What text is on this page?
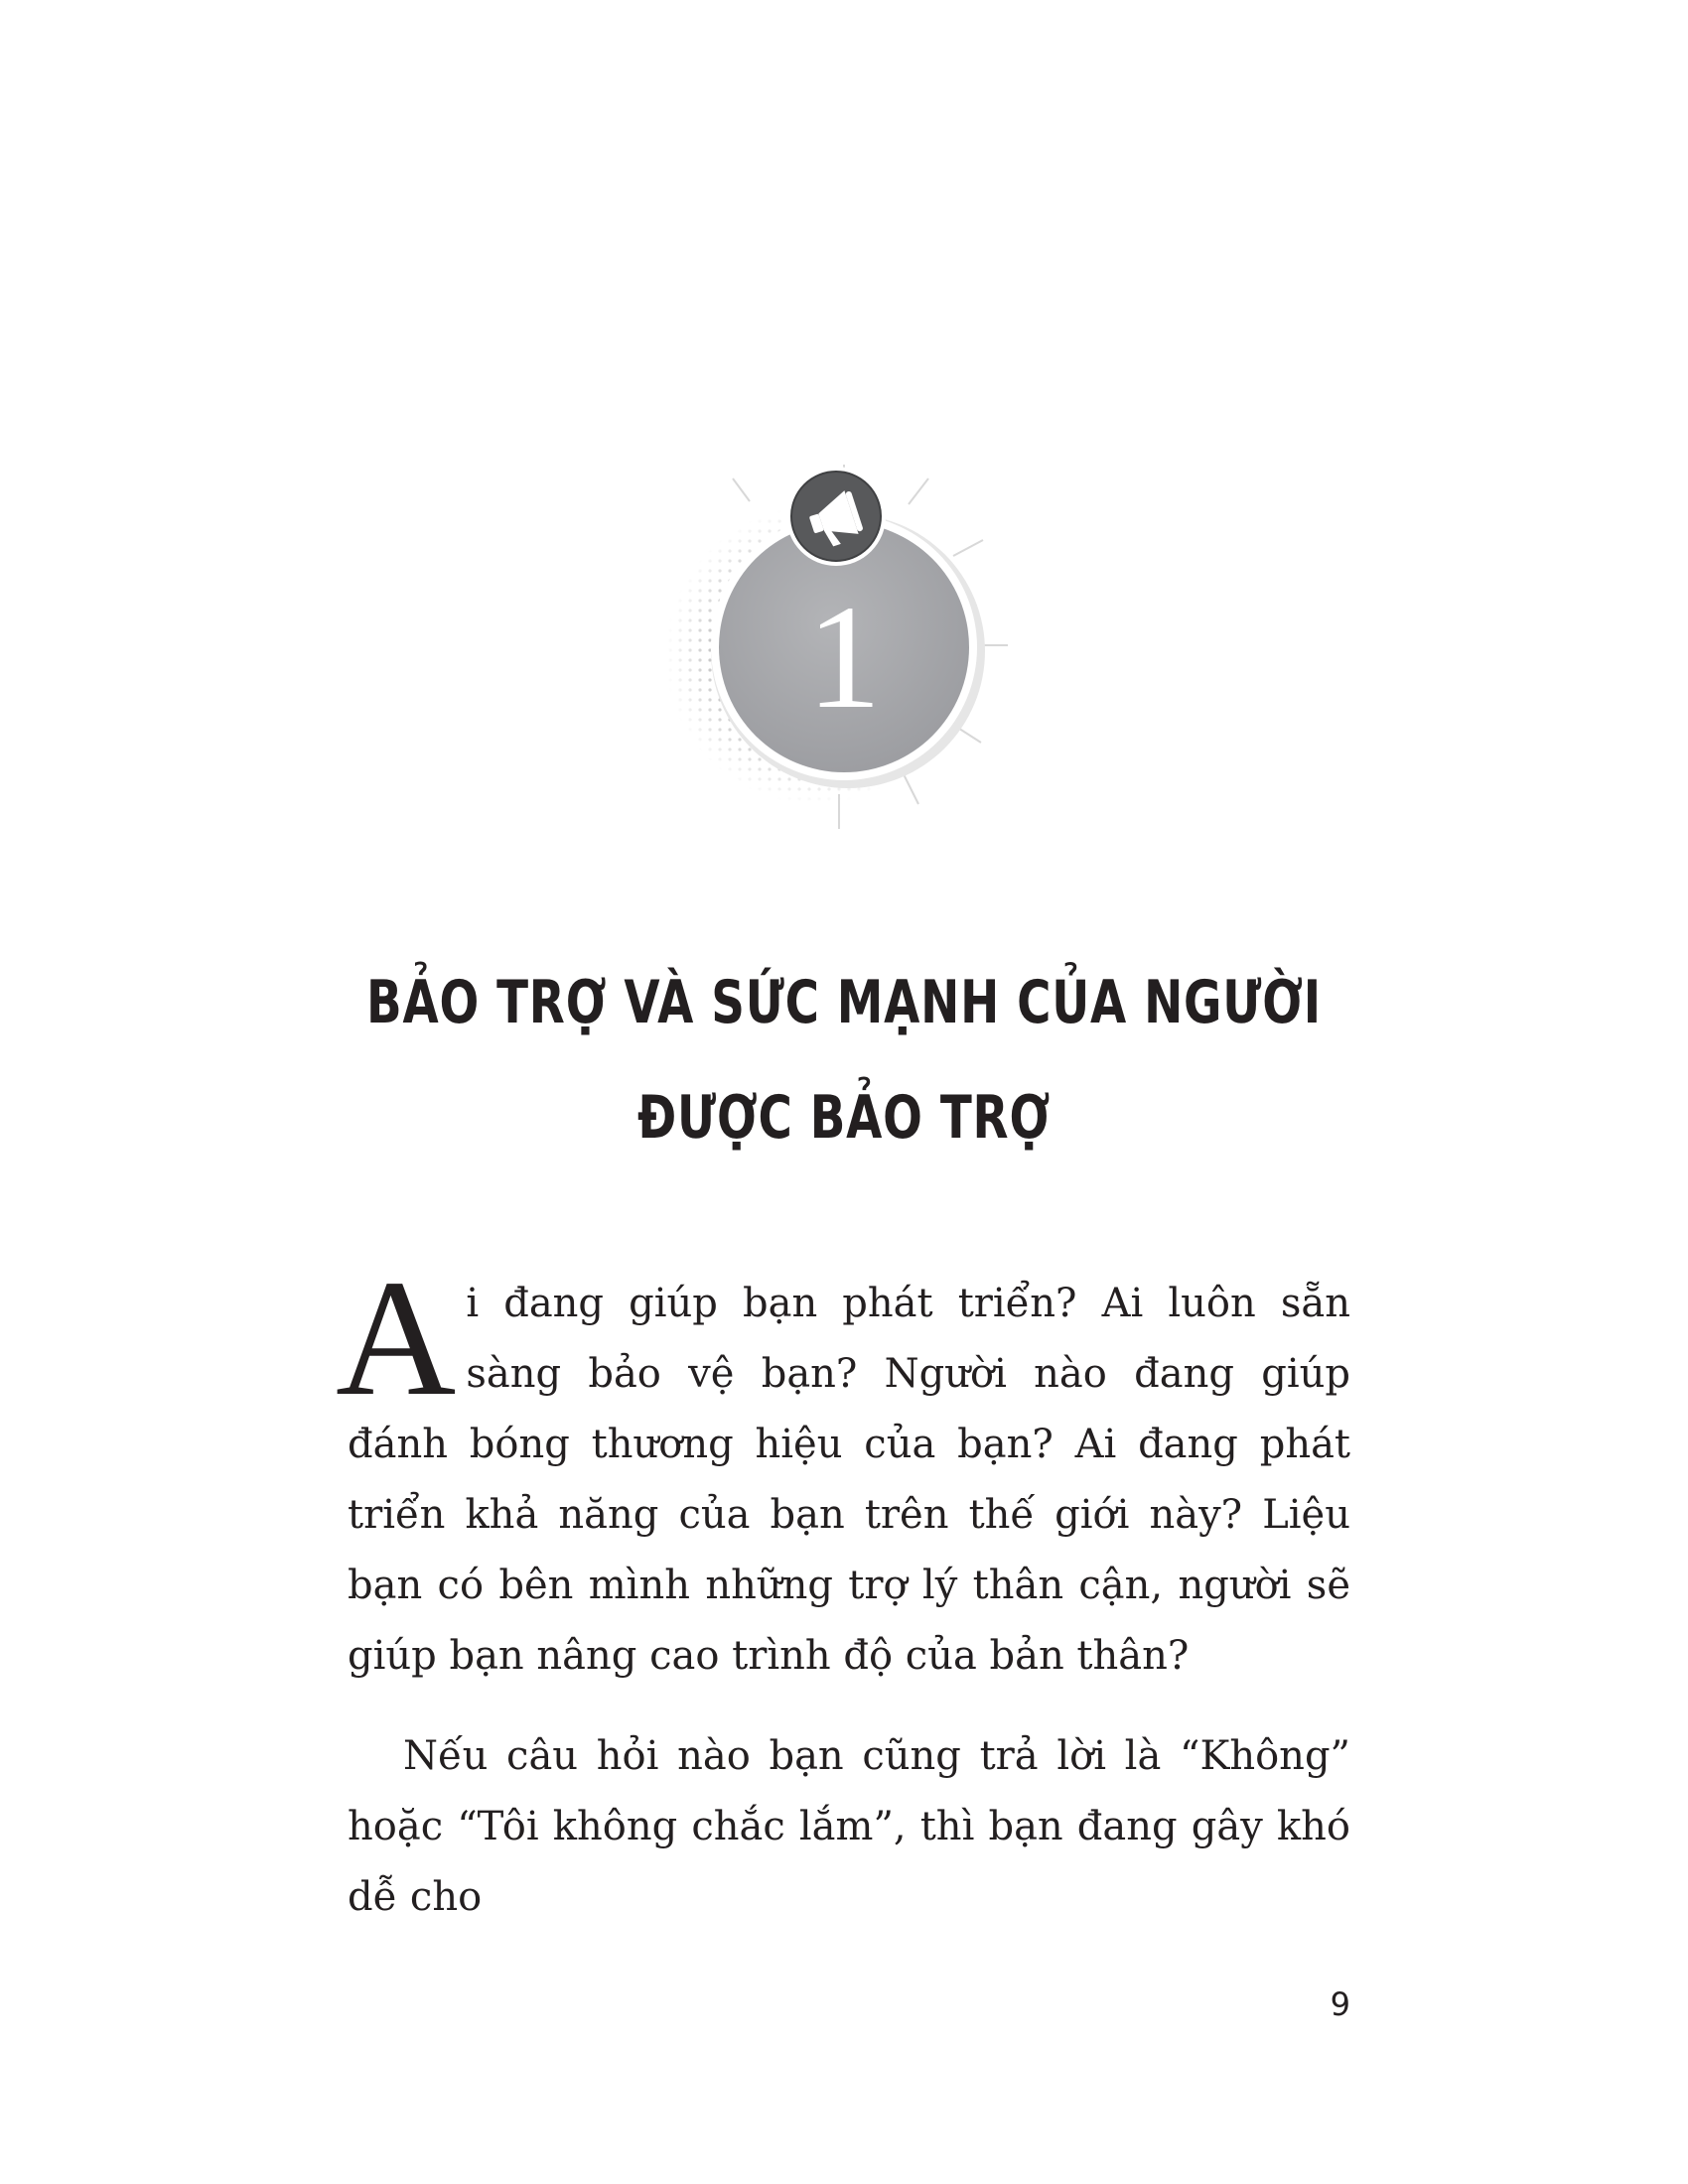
1
BẢO TRỢ VÀ SỨC MẠNH CỦA NGƯỜI
ĐƯỢC BẢO TRỢ
Ai đang giúp bạn phát triển? Ai luôn sẵn sàng bảo vệ bạn? Người nào đang giúp đánh bóng thương hiệu của bạn? Ai đang phát triển khả năng của bạn trên thế giới này? Liệu bạn có bên mình những trợ lý thân cận, người sẽ giúp bạn nâng cao trình độ của bản thân?
Nếu câu hỏi nào bạn cũng trả lời là “Không” hoặc “Tôi không chắc lắm”, thì bạn đang gây khó dễ cho
9
